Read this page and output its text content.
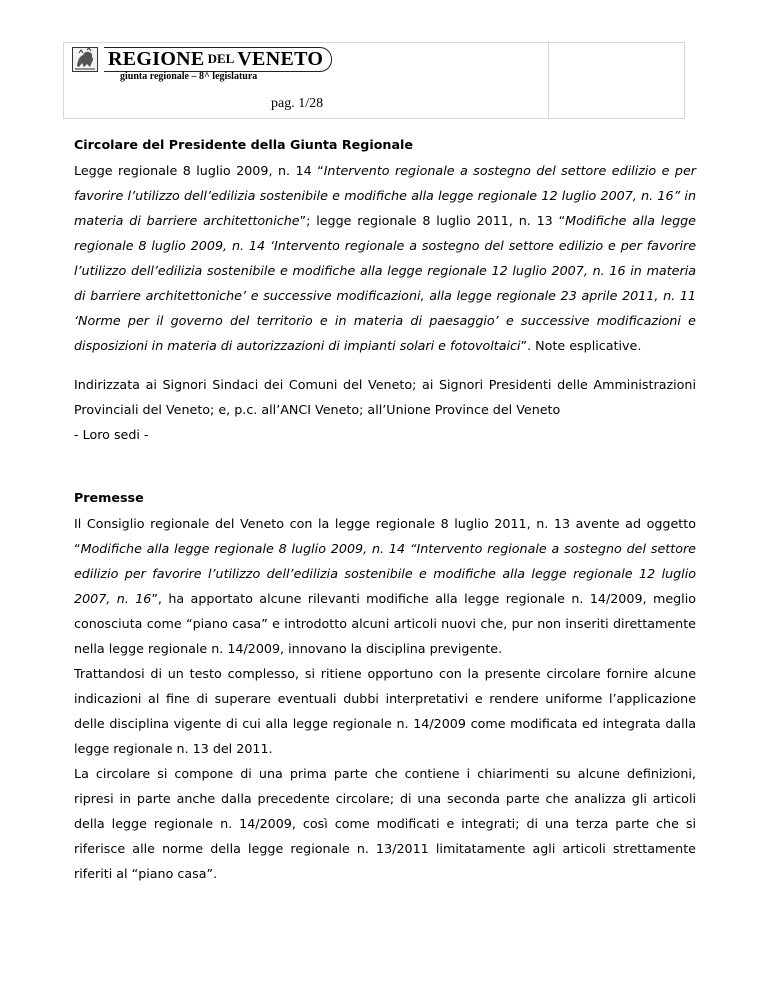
REGIONE DEL VENETO
giunta regionale – 8^ legislatura
pag. 1/28

Circolare del Presidente della Giunta Regionale

Legge regionale 8 luglio 2009, n. 14 “Intervento regionale a sostegno del settore edilizio e per favorire l’utilizzo dell’edilizia sostenibile e modifiche alla legge regionale 12 luglio 2007, n. 16” in materia di barriere architettoniche”; legge regionale 8 luglio 2011, n. 13 “Modifiche alla legge regionale 8 luglio 2009, n. 14 ‘Intervento regionale a sostegno del settore edilizio e per favorire l’utilizzo dell’edilizia sostenibile e modifiche alla legge regionale 12 luglio 2007, n. 16 in materia di barriere architettoniche’ e successive modificazioni, alla legge regionale 23 aprile 2011, n. 11 ‘Norme per il governo del territorio e in materia di paesaggio’ e successive modificazioni e disposizioni in materia di autorizzazioni di impianti solari e fotovoltaici”. Note esplicative.

Indirizzata ai Signori Sindaci dei Comuni del Veneto; ai Signori Presidenti delle Amministrazioni Provinciali del Veneto; e, p.c. all’ANCI Veneto; all’Unione Province del Veneto

- Loro sedi -

Premesse

Il Consiglio regionale del Veneto con la legge regionale 8 luglio 2011, n. 13 avente ad oggetto “Modifiche alla legge regionale 8 luglio 2009, n. 14 “Intervento regionale a sostegno del settore edilizio per favorire l’utilizzo dell’edilizia sostenibile e modifiche alla legge regionale 12 luglio 2007, n. 16”, ha apportato alcune rilevanti modifiche alla legge regionale n. 14/2009, meglio conosciuta come “piano casa” e introdotto alcuni articoli nuovi che, pur non inseriti direttamente nella legge regionale n. 14/2009, innovano la disciplina previgente.

Trattandosi di un testo complesso, si ritiene opportuno con la presente circolare fornire alcune indicazioni al fine di superare eventuali dubbi interpretativi e rendere uniforme l’applicazione delle disciplina vigente di cui alla legge regionale n. 14/2009 come modificata ed integrata dalla legge regionale n. 13 del 2011.

La circolare si compone di una prima parte che contiene i chiarimenti su alcune definizioni, ripresi in parte anche dalla precedente circolare; di una seconda parte che analizza gli articoli della legge regionale n. 14/2009, così come modificati e integrati; di una terza parte che si riferisce alle norme della legge regionale n. 13/2011 limitatamente agli articoli strettamente riferiti al “piano casa”.
